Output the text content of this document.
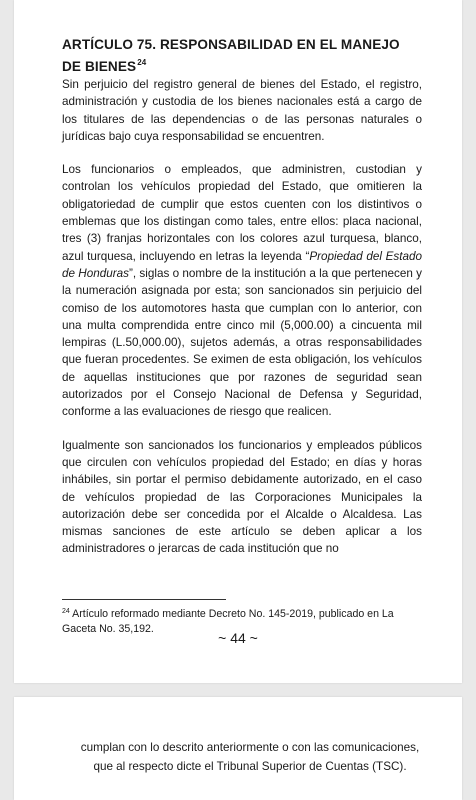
ARTÍCULO 75. RESPONSABILIDAD EN EL MANEJO DE BIENES$^{24}$

Sin perjuicio del registro general de bienes del Estado, el registro, administración y custodia de los bienes nacionales está a cargo de los titulares de las dependencias o de las personas naturales o jurídicas bajo cuya responsabilidad se encuentren.

Los funcionarios o empleados, que administren, custodian y controlan los vehículos propiedad del Estado, que omitieren la obligatoriedad de cumplir que estos cuenten con los distintivos o emblemas que los distingan como tales, entre ellos: placa nacional, tres (3) franjas horizontales con los colores azul turquesa, blanco, azul turquesa, incluyendo en letras la leyenda “Propiedad del Estado de Honduras”, siglas o nombre de la institución a la que pertenecen y la numeración asignada por esta; son sancionados sin perjuicio del comiso de los automotores hasta que cumplan con lo anterior, con una multa comprendida entre cinco mil (5,000.00) a cincuenta mil lempiras (L.50,000.00), sujetos además, a otras responsabilidades que fueran procedentes. Se eximen de esta obligación, los vehículos de aquellas instituciones que por razones de seguridad sean autorizados por el Consejo Nacional de Defensa y Seguridad, conforme a las evaluaciones de riesgo que realicen.

Igualmente son sancionados los funcionarios y empleados públicos que circulen con vehículos propiedad del Estado; en días y horas inhábiles, sin portar el permiso debidamente autorizado, en el caso de vehículos propiedad de las Corporaciones Municipales la autorización debe ser concedida por el Alcalde o Alcaldesa. Las mismas sanciones de este artículo se deben aplicar a los administradores o jerarcas de cada institución que no

$^{24}$ Artículo reformado mediante Decreto No. 145-2019, publicado en La Gaceta No. 35,192.

~ 44 ~

cumplan con lo descrito anteriormente o con las comunicaciones, que al respecto dicte el Tribunal Superior de Cuentas (TSC).
